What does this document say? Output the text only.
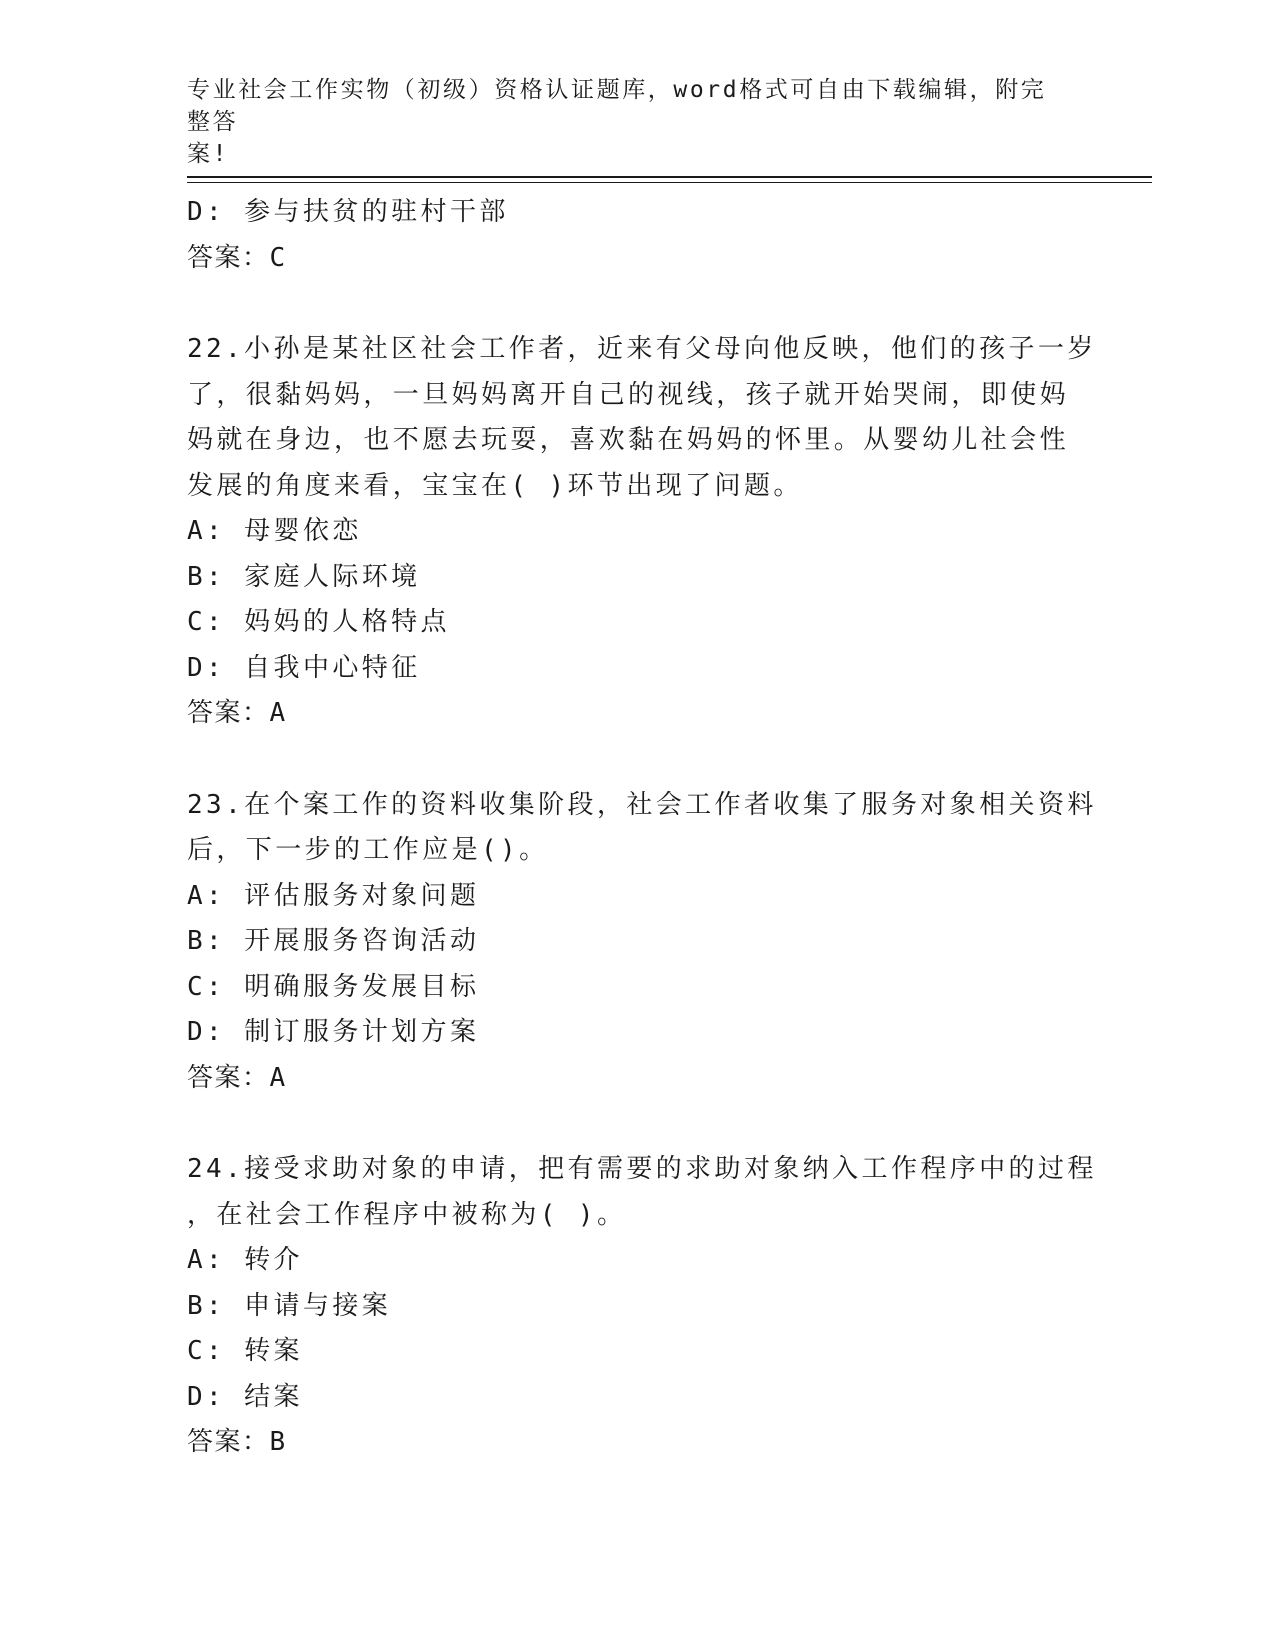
专业社会工作实物（初级）资格认证题库，word格式可自由下载编辑，附完整答
案!
D: 参与扶贫的驻村干部
答案：C
22.小孙是某社区社会工作者，近来有父母向他反映，他们的孩子一岁
了，很黏妈妈，一旦妈妈离开自己的视线，孩子就开始哭闹，即使妈
妈就在身边，也不愿去玩耍，喜欢黏在妈妈的怀里。从婴幼儿社会性
发展的角度来看，宝宝在( )环节出现了问题。
A: 母婴依恋
B: 家庭人际环境
C: 妈妈的人格特点
D: 自我中心特征
答案：A
23.在个案工作的资料收集阶段，社会工作者收集了服务对象相关资料
后，下一步的工作应是()。
A: 评估服务对象问题
B: 开展服务咨询活动
C: 明确服务发展目标
D: 制订服务计划方案
答案：A
24.接受求助对象的申请，把有需要的求助对象纳入工作程序中的过程
，在社会工作程序中被称为( )。
A: 转介
B: 申请与接案
C: 转案
D: 结案
答案：B
